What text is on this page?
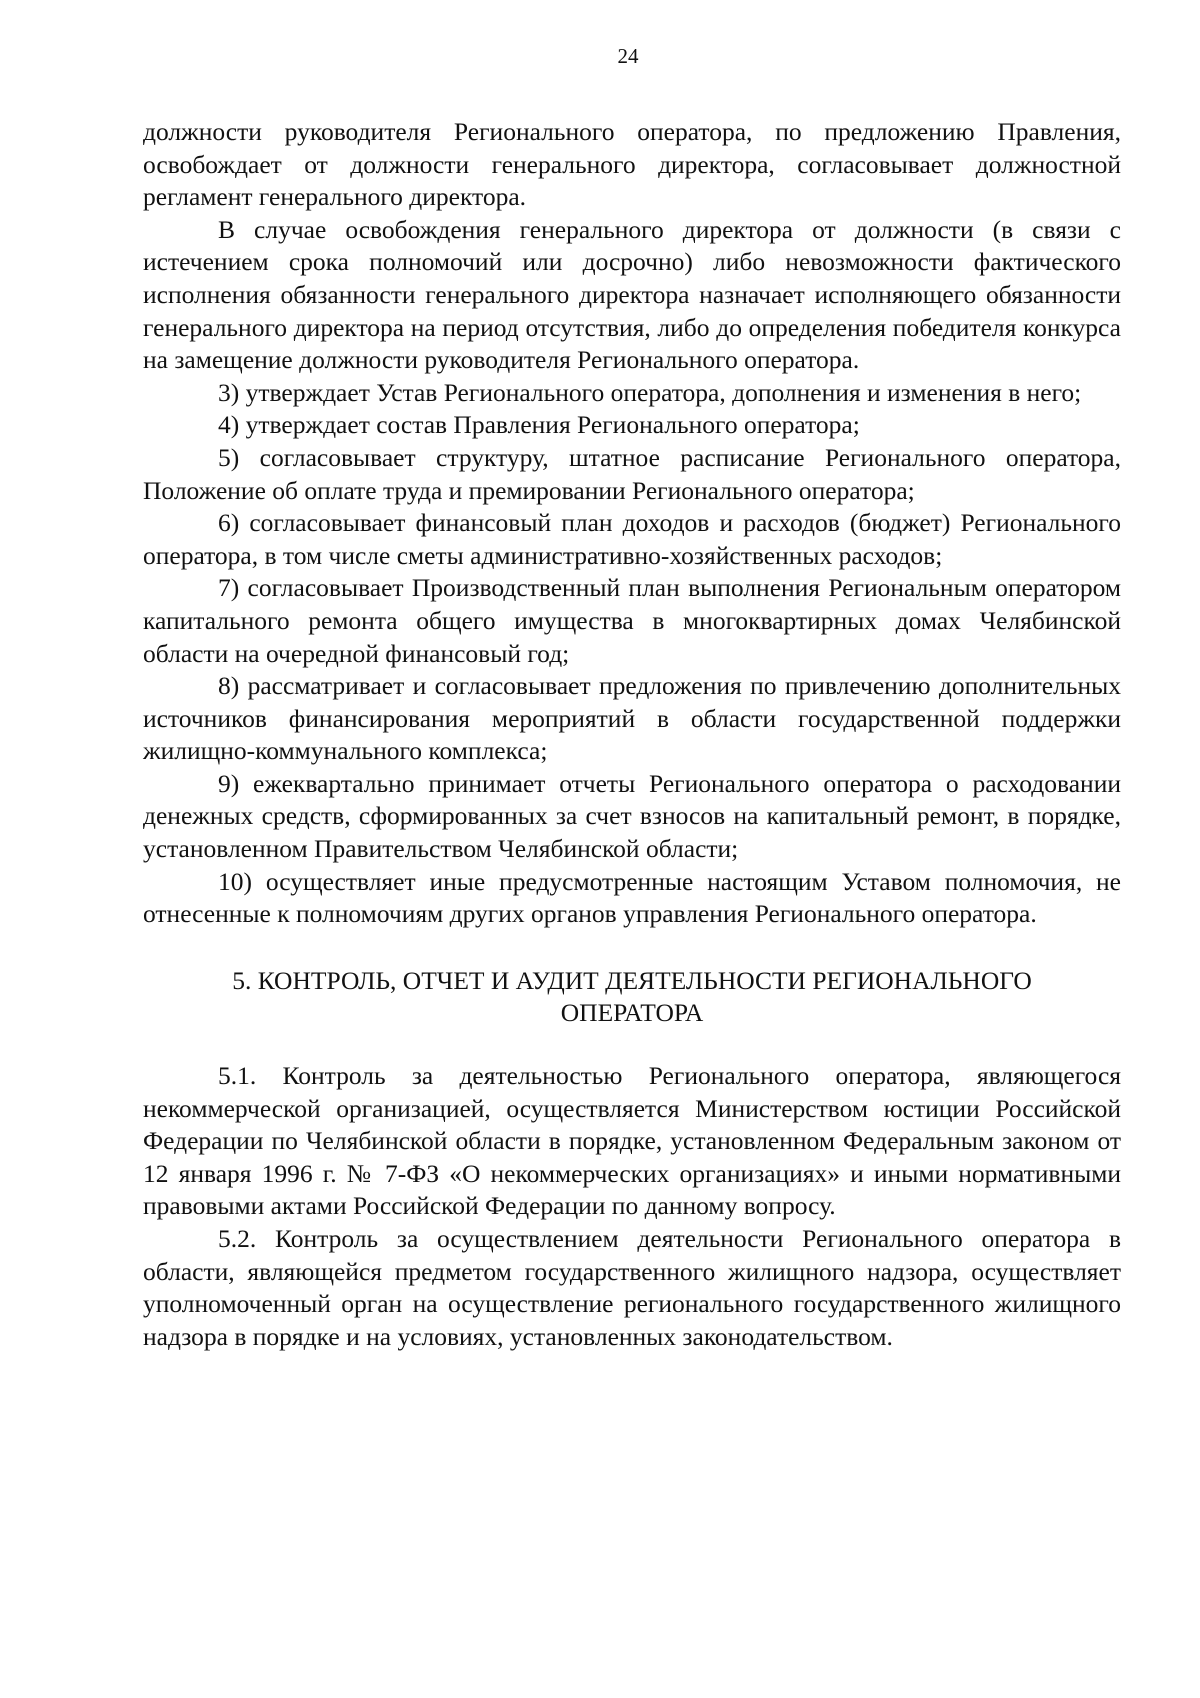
24

должности руководителя Регионального оператора, по предложению Правления, освобождает от должности генерального директора, согласовывает должностной регламент генерального директора.

В случае освобождения генерального директора от должности (в связи с истечением срока полномочий или досрочно) либо невозможности фактического исполнения обязанности генерального директора назначает исполняющего обязанности генерального директора на период отсутствия, либо до определения победителя конкурса на замещение должности руководителя Регионального оператора.

3) утверждает Устав Регионального оператора, дополнения и изменения в него;

4) утверждает состав Правления Регионального оператора;

5) согласовывает структуру, штатное расписание Регионального оператора, Положение об оплате труда и премировании Регионального оператора;

6) согласовывает финансовый план доходов и расходов (бюджет) Регионального оператора, в том числе сметы административно-хозяйственных расходов;

7) согласовывает Производственный план выполнения Региональным оператором капитального ремонта общего имущества в многоквартирных домах Челябинской области на очередной финансовый год;

8) рассматривает и согласовывает предложения по привлечению дополнительных источников финансирования мероприятий в области государственной поддержки жилищно-коммунального комплекса;

9) ежеквартально принимает отчеты Регионального оператора о расходовании денежных средств, сформированных за счет взносов на капитальный ремонт, в порядке, установленном Правительством Челябинской области;

10) осуществляет иные предусмотренные настоящим Уставом полномочия, не отнесенные к полномочиям других органов управления Регионального оператора.

5. КОНТРОЛЬ, ОТЧЕТ И АУДИТ ДЕЯТЕЛЬНОСТИ РЕГИОНАЛЬНОГО
ОПЕРАТОРА

5.1. Контроль за деятельностью Регионального оператора, являющегося некоммерческой организацией, осуществляется Министерством юстиции Российской Федерации по Челябинской области в порядке, установленном Федеральным законом от 12 января 1996 г. № 7-ФЗ «О некоммерческих организациях» и иными нормативными правовыми актами Российской Федерации по данному вопросу.

5.2. Контроль за осуществлением деятельности Регионального оператора в области, являющейся предметом государственного жилищного надзора, осуществляет уполномоченный орган на осуществление регионального государственного жилищного надзора в порядке и на условиях, установленных законодательством.
